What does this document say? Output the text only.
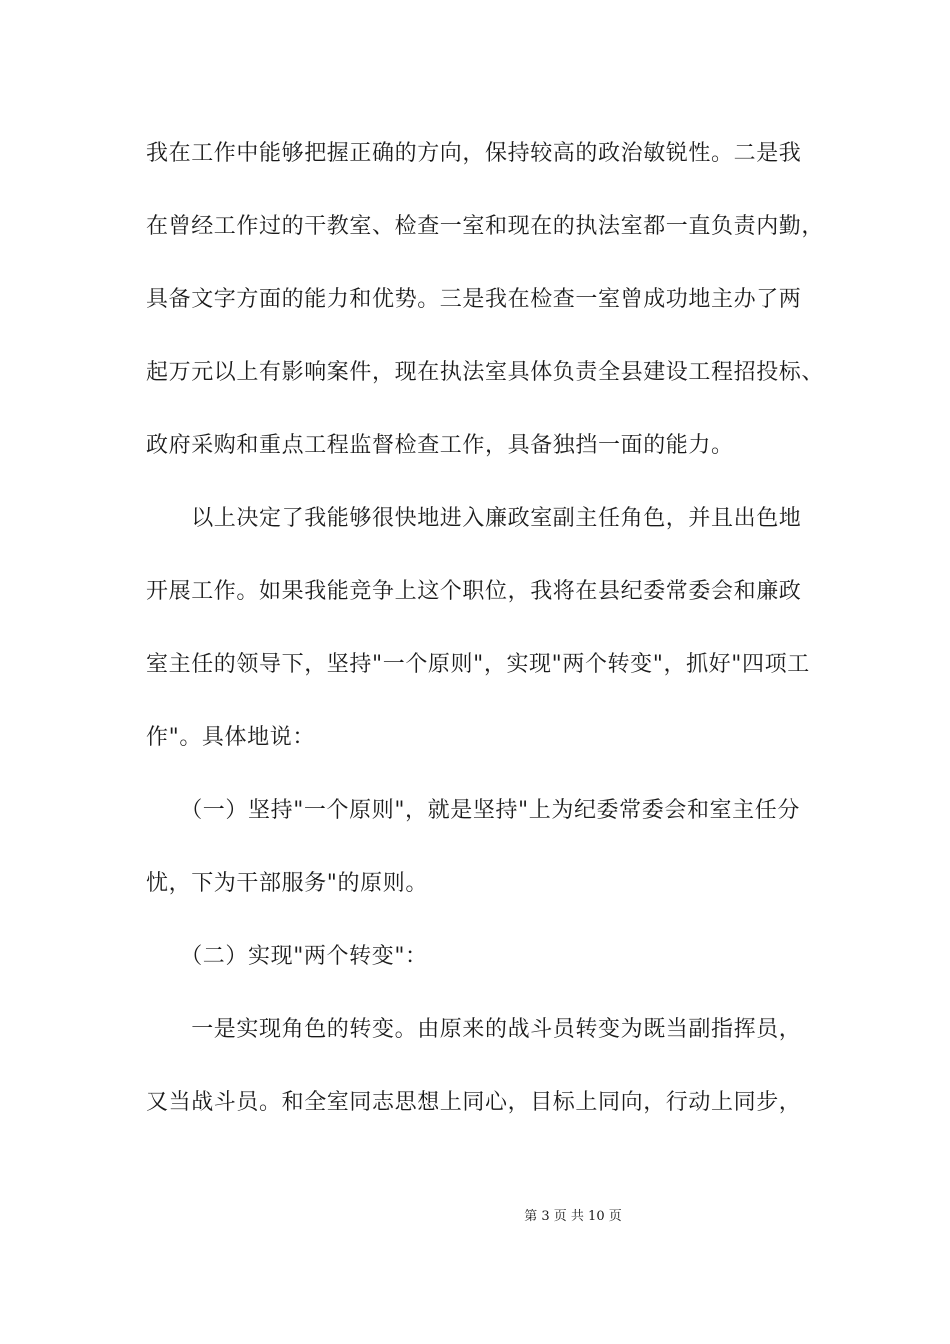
我在工作中能够把握正确的方向，保持较高的政治敏锐性。二是我
在曾经工作过的干教室、检查一室和现在的执法室都一直负责内勤，
具备文字方面的能力和优势。三是我在检查一室曾成功地主办了两
起万元以上有影响案件，现在执法室具体负责全县建设工程招投标、
政府采购和重点工程监督检查工作，具备独挡一面的能力。
　　以上决定了我能够很快地进入廉政室副主任角色，并且出色地
开展工作。如果我能竞争上这个职位，我将在县纪委常委会和廉政
室主任的领导下，坚持"一个原则"，实现"两个转变"，抓好"四项工
作"。具体地说：
　　（一）坚持"一个原则"，就是坚持"上为纪委常委会和室主任分
忧，下为干部服务"的原则。
　　（二）实现"两个转变"：
　　一是实现角色的转变。由原来的战斗员转变为既当副指挥员，
又当战斗员。和全室同志思想上同心，目标上同向，行动上同步，
第 3 页 共 10 页
